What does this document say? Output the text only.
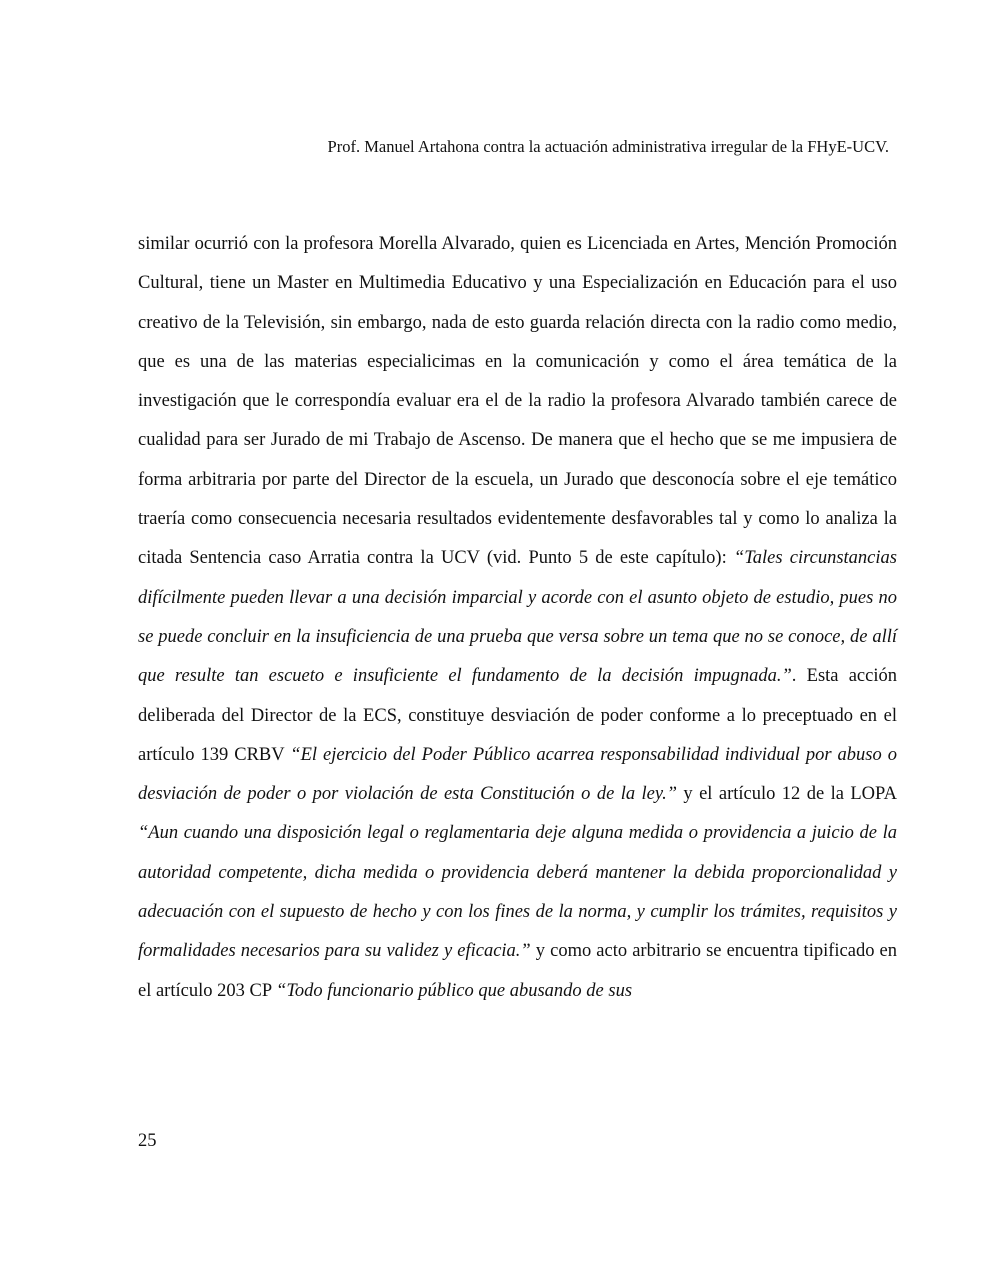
Prof. Manuel Artahona contra la actuación administrativa irregular de la FHyE-UCV.
similar ocurrió con la profesora Morella Alvarado, quien es Licenciada en Artes, Mención Promoción Cultural, tiene un Master en Multimedia Educativo y una Especialización en Educación para el uso creativo de la Televisión, sin embargo, nada de esto guarda relación directa con la radio como medio, que es una de las materias especialicimas en la comunicación y como el área temática de la investigación que le correspondía evaluar era el de la radio la profesora Alvarado también carece de cualidad para ser Jurado de mi Trabajo de Ascenso. De manera que el hecho que se me impusiera de forma arbitraria por parte del Director de la escuela, un Jurado que desconocía sobre el eje temático traería como consecuencia necesaria resultados evidentemente desfavorables tal y como lo analiza la citada Sentencia caso Arratia contra la UCV (vid. Punto 5 de este capítulo): “Tales circunstancias difícilmente pueden llevar a una decisión imparcial y acorde con el asunto objeto de estudio, pues no se puede concluir en la insuficiencia de una prueba que versa sobre un tema que no se conoce, de allí que resulte tan escueto e insuficiente el fundamento de la decisión impugnada.”. Esta acción deliberada del Director de la ECS, constituye desviación de poder conforme a lo preceptuado en el artículo 139 CRBV “El ejercicio del Poder Público acarrea responsabilidad individual por abuso o desviación de poder o por violación de esta Constitución o de la ley.” y el artículo 12 de la LOPA “Aun cuando una disposición legal o reglamentaria deje alguna medida o providencia a juicio de la autoridad competente, dicha medida o providencia deberá mantener la debida proporcionalidad y adecuación con el supuesto de hecho y con los fines de la norma, y cumplir los trámites, requisitos y formalidades necesarios para su validez y eficacia.” y como acto arbitrario se encuentra tipificado en el artículo 203 CP “Todo funcionario público que abusando de sus
25
